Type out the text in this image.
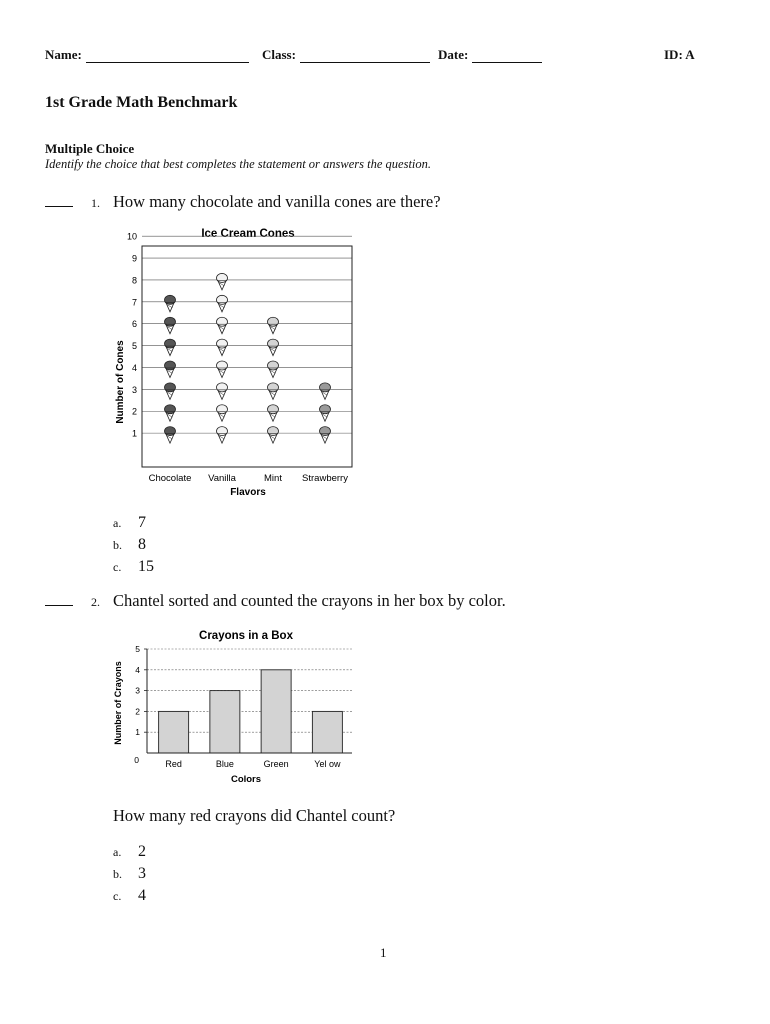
Name:	Class:	Date:	ID: A
1st Grade Math Benchmark
Multiple Choice
Identify the choice that best completes the statement or answers the question.
1. How many chocolate and vanilla cones are there?
Ice Cream Cones
Number of Cones
Flavors
1
2
3
4
5
6
7
8
9
10
Chocolate Vanilla	Mint Strawberry
a. 7
b. 8
c. 15
2. Chantel sorted and counted the crayons in her box by color.
Crayons in a Box
Number of Crayons
Colors
0
1
2
3
4
5
Red	Blue	Green	Yel ow
How many red crayons did Chantel count?
a. 2
b. 3
c. 4
1
